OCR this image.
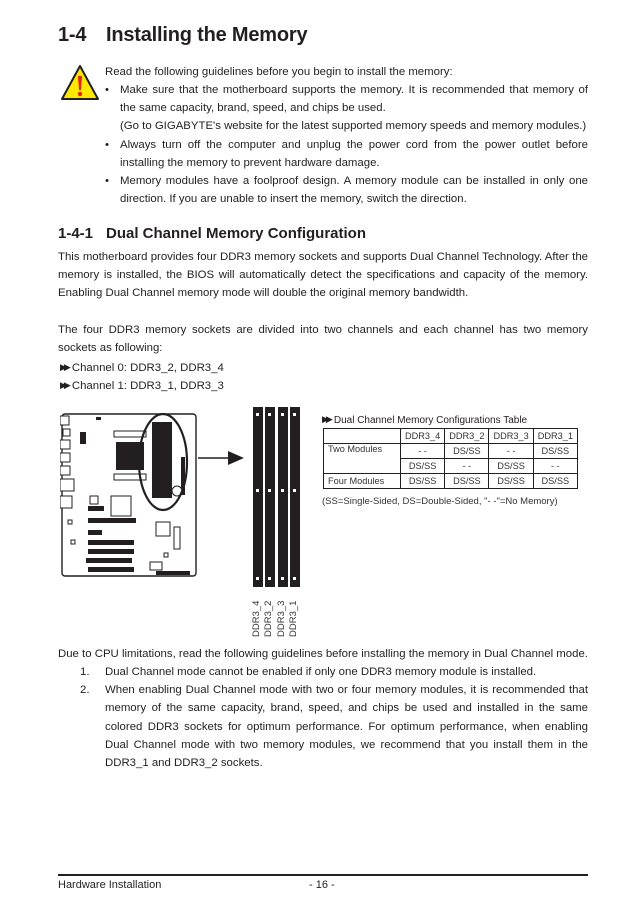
1-4 Installing the Memory
Read the following guidelines before you begin to install the memory:
• Make sure that the motherboard supports the memory. It is recommended that memory of the same capacity, brand, speed, and chips be used.
(Go to GIGABYTE's website for the latest supported memory speeds and memory modules.)
• Always turn off the computer and unplug the power cord from the power outlet before installing the memory to prevent hardware damage.
• Memory modules have a foolproof design. A memory module can be installed in only one direction. If you are unable to insert the memory, switch the direction.
1-4-1 Dual Channel Memory Configuration
This motherboard provides four DDR3 memory sockets and supports Dual Channel Technology. After the memory is installed, the BIOS will automatically detect the specifications and capacity of the memory. Enabling Dual Channel memory mode will double the original memory bandwidth.
The four DDR3 memory sockets are divided into two channels and each channel has two memory sockets as following:
▶▶ Channel 0: DDR3_2, DDR3_4
▶▶ Channel 1: DDR3_1, DDR3_3
DDR3_4 DDR3_2 DDR3_3 DDR3_1
▶▶ Dual Channel Memory Configurations Table
	DDR3_4	DDR3_2	DDR3_3	DDR3_1
Two Modules	- -	DS/SS	- -	DS/SS
	DS/SS	- -	DS/SS	- -
Four Modules	DS/SS	DS/SS	DS/SS	DS/SS
(SS=Single-Sided, DS=Double-Sided, "- -"=No Memory)
Due to CPU limitations, read the following guidelines before installing the memory in Dual Channel mode.
1. Dual Channel mode cannot be enabled if only one DDR3 memory module is installed.
2. When enabling Dual Channel mode with two or four memory modules, it is recommended that memory of the same capacity, brand, speed, and chips be used and installed in the same colored DDR3 sockets for optimum performance. For optimum performance, when enabling Dual Channel mode with two memory modules, we recommend that you install them in the DDR3_1 and DDR3_2 sockets.
Hardware Installation	- 16 -
